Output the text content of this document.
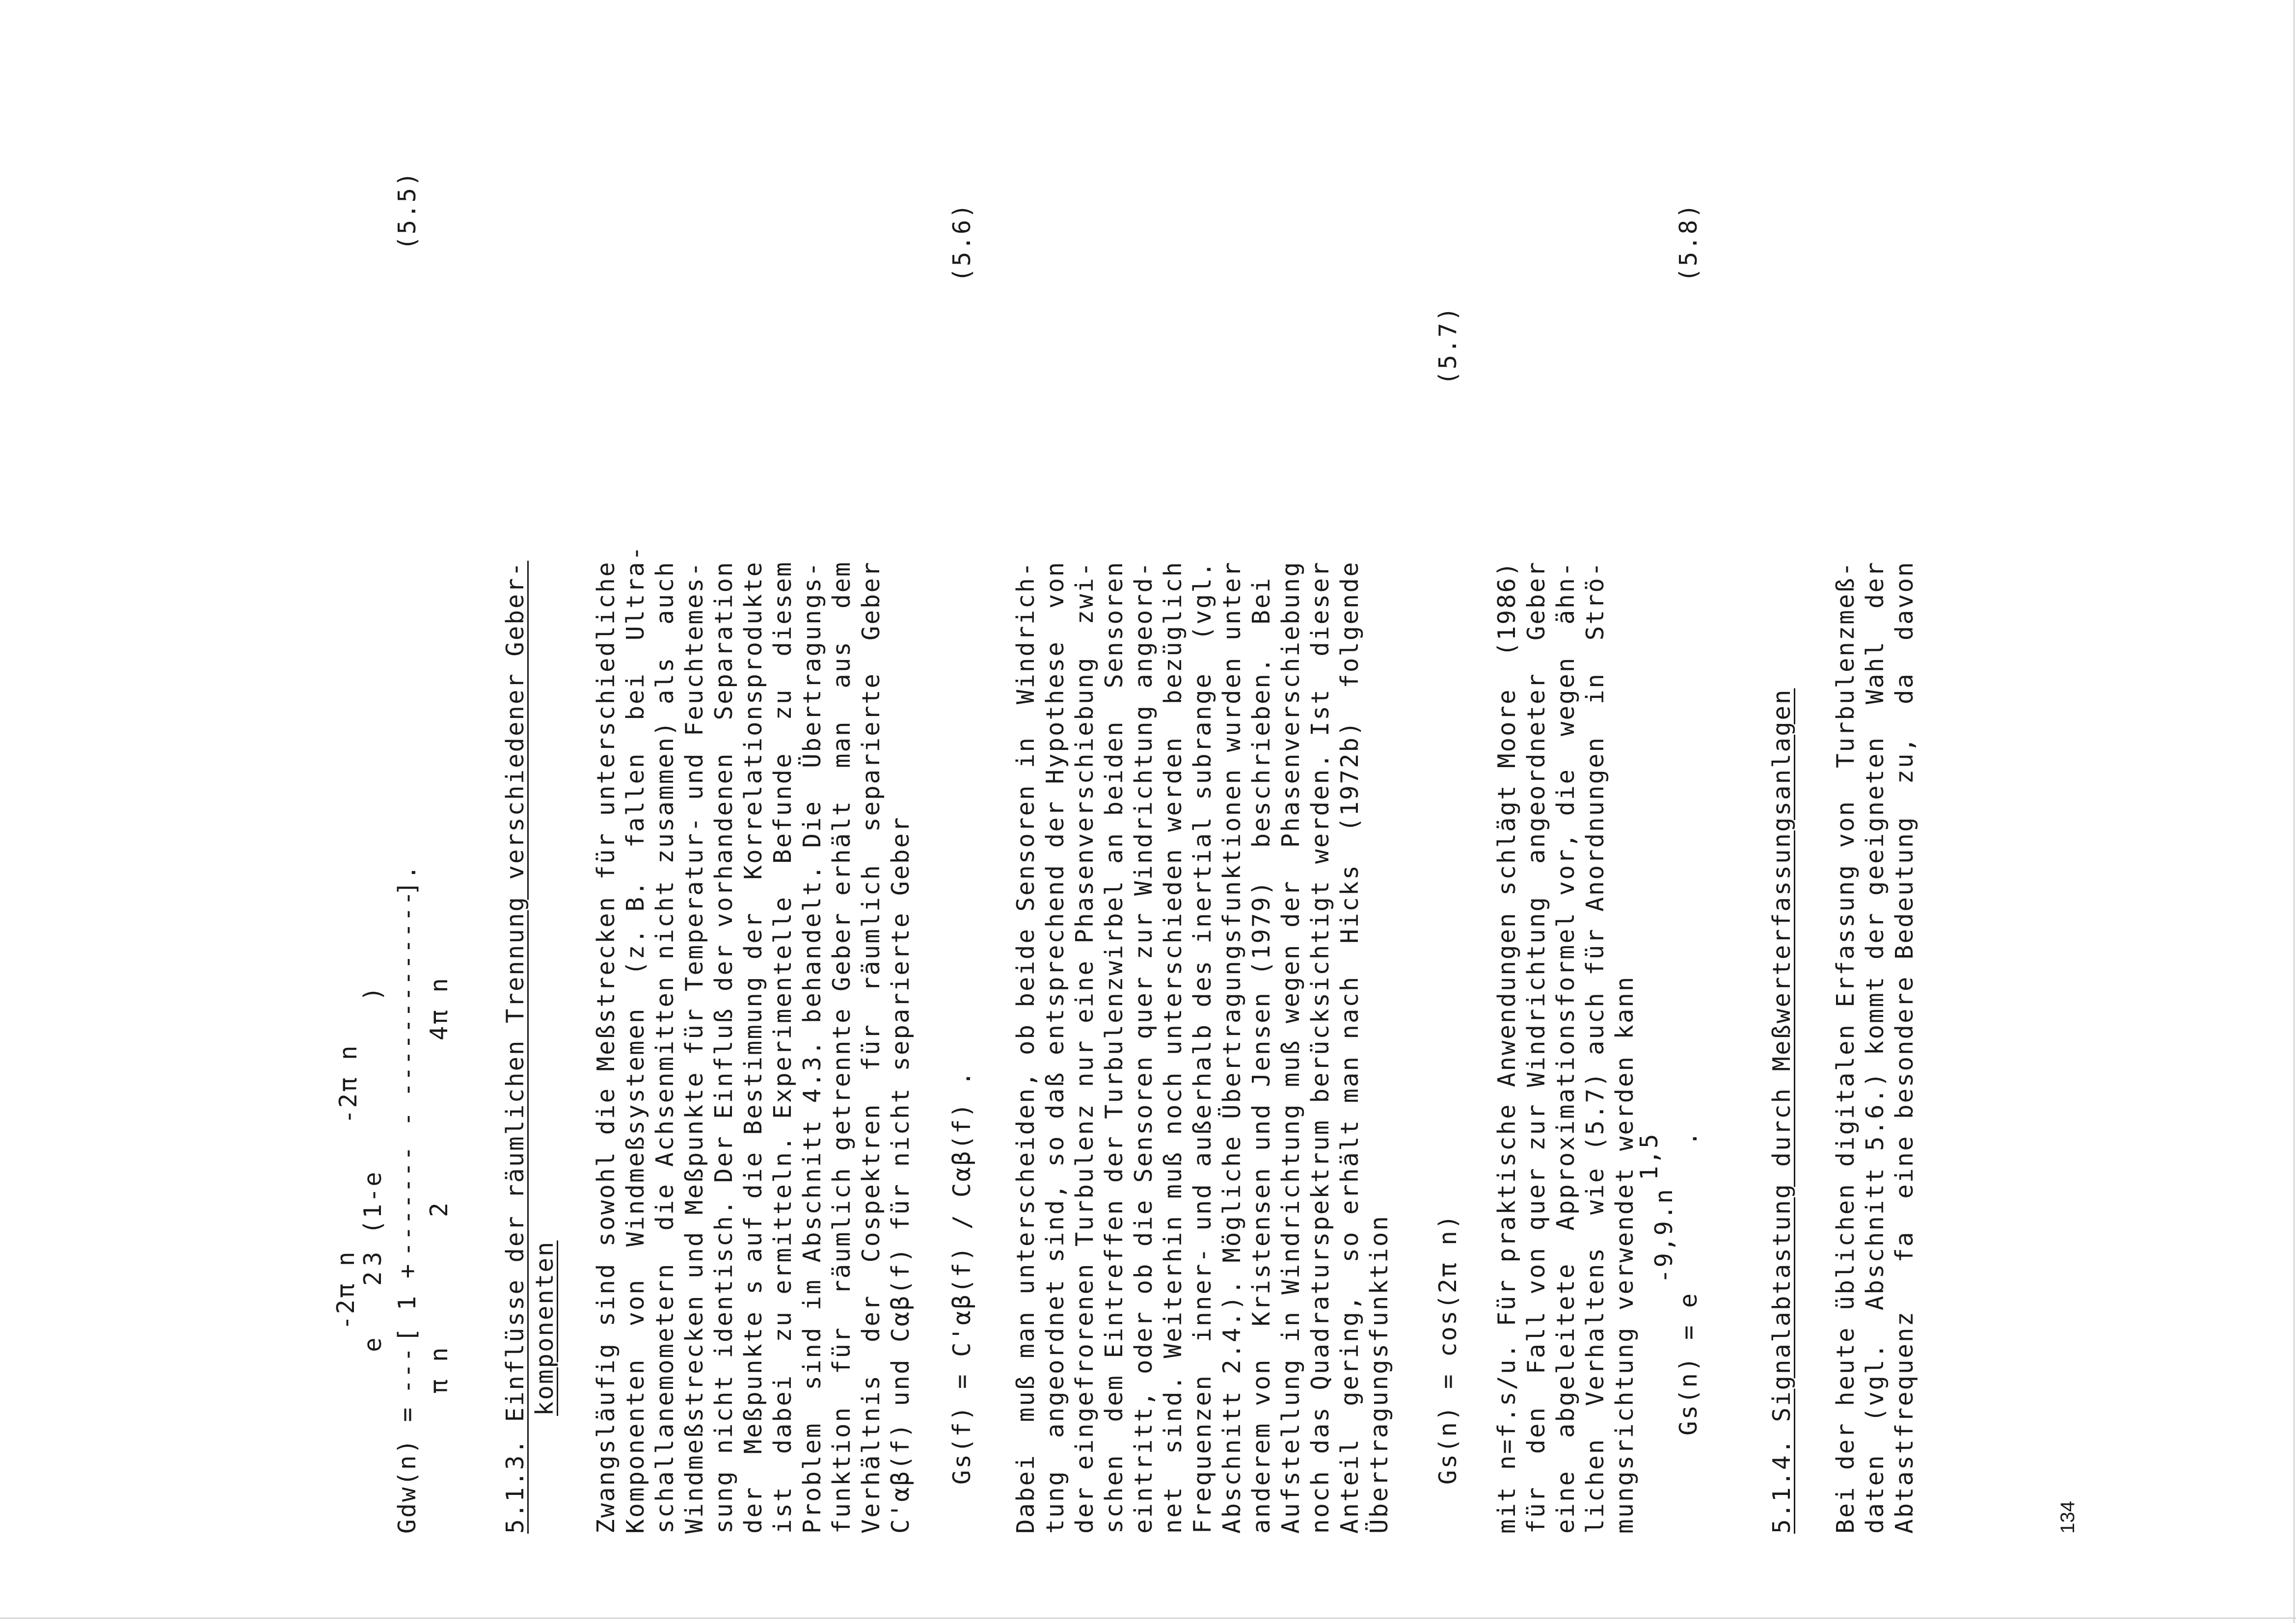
2
-2π n
e
3 (1-e
-2π n
)
Gdw(n) =
---
[ 1 +
-------
-
-------------
].
π n
2
4π n
(5.5)
5.1.3. Einflüsse der räumlichen Trennung verschiedener Geber- komponenten Zwangsläufig sind sowohl die Meßstrecken für unterschiedliche Komponenten  von  Windmeßsystemen  (z. B.  fallen  bei  Ultra- schallanemometern  die Achsenmitten nicht zusammen) als  auch Windmeßstrecken und Meßpunkte für Temperatur- und Feuchtemes- sung nicht identisch. Der Einfluß der vorhandenen  Separation der  Meßpunkte s auf die Bestimmung der  Korrelationsprodukte ist  dabei  zu ermitteln. Experimentelle  Befunde  zu  diesem Problem  sind im Abschnitt 4.3. behandelt. Die  Übertragungs- funktion  für  räumlich getrennte Geber erhält  man  aus  dem Verhältnis  der  Cospektren  für  räumlich  separierte  Geber C'αβ(f) und Cαβ(f) für nicht separierte Geber Gs(f) = C'αβ(f) / Cαβ(f) .
(5.6)
Dabei  muß man unterscheiden, ob beide Sensoren in  Windrich- tung  angeordnet sind, so daß entsprechend der Hypothese  von der eingefrorenen Turbulenz nur eine Phasenverschiebung  zwi- schen  dem Eintreffen der Turbulenzwirbel an beiden  Sensoren eintritt, oder ob die Sensoren quer zur Windrichtung angeord- net  sind. Weiterhin muß noch unterschieden werden  bezüglich Frequenzen  inner- und außerhalb des inertial subrange  (vgl. Abschnitt 2.4.). Mögliche Übertragungsfunktionen wurden unter anderem von  Kristensen und Jensen (1979)  beschrieben.  Bei Aufstellung in Windrichtung muß wegen der  Phasenverschiebung noch das Quadraturspektrum berücksichtigt werden. Ist  dieser Anteil  gering,  so erhält man nach  Hicks  (1972b)  folgende Übertragungsfunktion Gs(n) = cos(2π n)
(5.7)
mit n=f.s/u. Für praktische Anwendungen schlägt Moore  (1986) für  den  Fall von quer zur Windrichtung  angeordneter  Geber eine  abgeleitete  Approximationsformel vor, die  wegen  ähn- lichen  Verhaltens  wie (5.7) auch für Anordnungen  in  Strö- mungsrichtung verwendet werden kann Gs(n) = e
-9,9.n
1,5 .
(5.8)
5.1.4. Signalabtastung durch Meßwerterfassungsanlagen Bei der heute üblichen digitalen Erfassung von  Turbulenzmeß- daten  (vgl.  Abschnitt 5.6.) kommt der geeigneten  Wahl  der Abtastfrequenz   fa  eine besondere Bedeutung  zu,  da  davon	134
